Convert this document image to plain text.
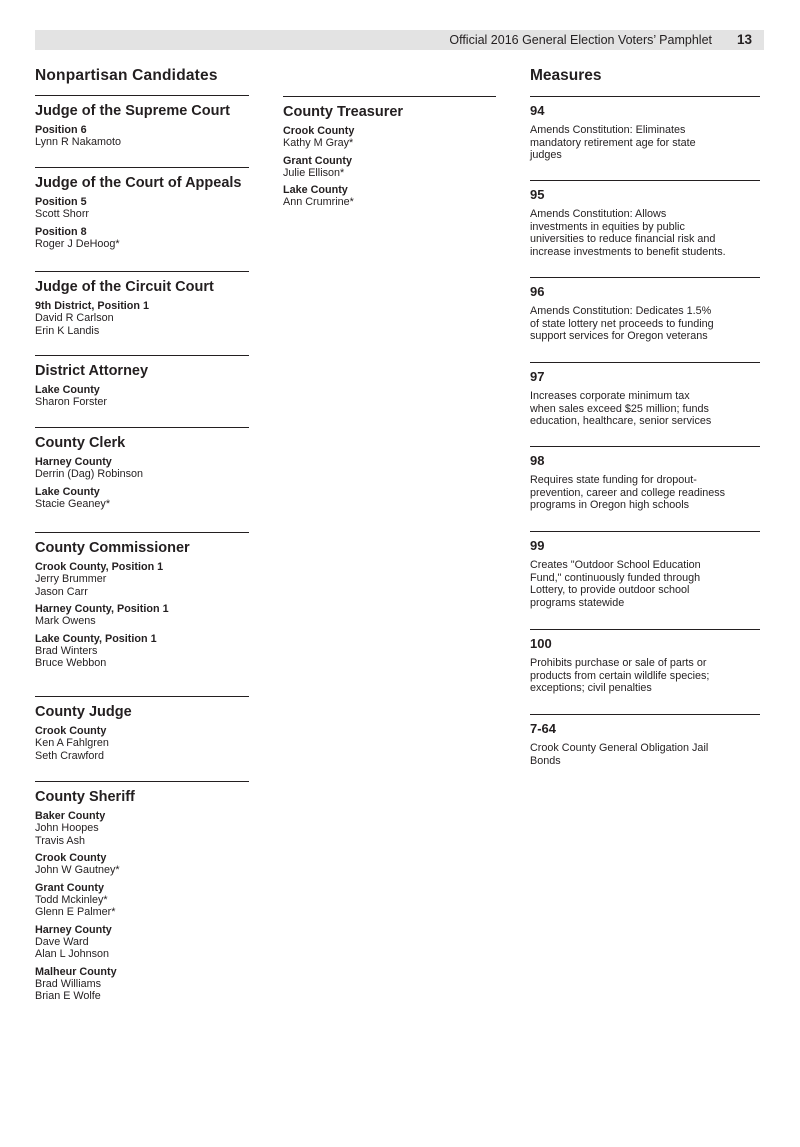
Official 2016 General Election Voters’ Pamphlet 13
Nonpartisan Candidates	Measures
Judge of the Supreme Court
Position 6
Lynn R Nakamoto
Judge of the Court of Appeals
Position 5
Scott Shorr
Position 8
Roger J DeHoog*
Judge of the Circuit Court
9th District, Position 1
David R Carlson
Erin K Landis
District Attorney
Lake County
Sharon Forster
County Clerk
Harney County
Derrin (Dag) Robinson
Lake County
Stacie Geaney*
County Commissioner
Crook County, Position 1
Jerry Brummer
Jason Carr
Harney County, Position 1
Mark Owens
Lake County, Position 1
Brad Winters
Bruce Webbon
County Judge
Crook County
Ken A Fahlgren
Seth Crawford
County Sheriff
Baker County
John Hoopes
Travis Ash
Crook County
John W Gautney*
Grant County
Todd Mckinley*
Glenn E Palmer*
Harney County
Dave Ward
Alan L Johnson
Malheur County
Brad Williams
Brian E Wolfe
County Treasurer
Crook County
Kathy M Gray*
Grant County
Julie Ellison*
Lake County
Ann Crumrine*
94
Amends Constitution: Eliminates
mandatory retirement age for state
judges
95
Amends Constitution: Allows
investments in equities by public
universities to reduce financial risk and
increase investments to benefit students.
96
Amends Constitution: Dedicates 1.5%
of state lottery net proceeds to funding
support services for Oregon veterans
97
Increases corporate minimum tax
when sales exceed $25 million; funds
education, healthcare, senior services
98
Requires state funding for dropout-
prevention, career and college readiness
programs in Oregon high schools
99
Creates "Outdoor School Education
Fund," continuously funded through
Lottery, to provide outdoor school
programs statewide
100
Prohibits purchase or sale of parts or
products from certain wildlife species;
exceptions; civil penalties
7-64
Crook County General Obligation Jail
Bonds
